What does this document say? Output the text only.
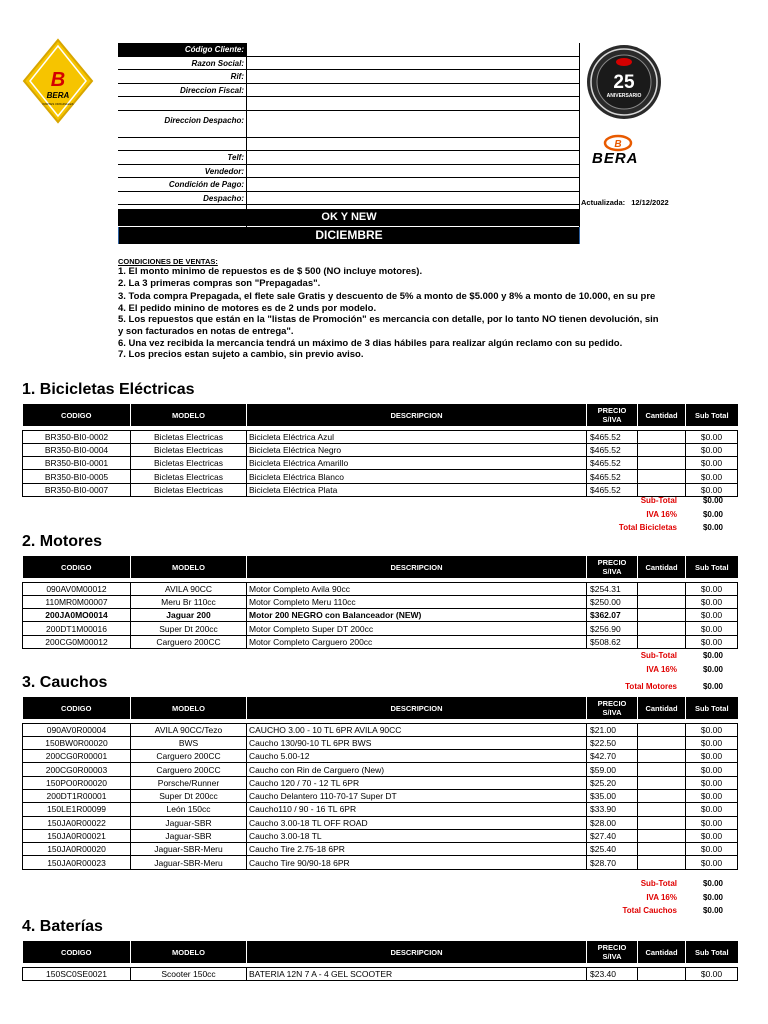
B
BERA
PARTES ORIGINALES
Código Cliente:
Razon Social:
Rif:
Direccion Fiscal:
Direccion Despacho:
Telf:
Vendedor:
Condición de Pago:
Despacho:
OK Y NEW
DICIEMBRE
25
ANIVERSARIO
B
BERA
Actualizada: 12/12/2022
CONDICIONES DE VENTAS:
1. El monto minimo de repuestos es de $ 500 (NO incluye motores).
2. La 3 primeras compras son "Prepagadas".
3. Toda compra Prepagada, el flete sale Gratis y descuento de 5% a monto de $5.000 y 8% a monto de 10.000, en su pre
4. El pedido minino de motores es de 2 unds por modelo.
5. Los repuestos que están en la "listas de Promoción" es mercancia con detalle, por lo tanto NO tienen devolución, sin
y son facturados en notas de entrega".
6. Una vez recibida la mercancia tendrá un máximo de 3 dias hábiles para realizar algún reclamo con su pedido.
7. Los precios estan sujeto a cambio, sin previo aviso.
1. Bicicletas Eléctricas
CODIGO	MODELO	DESCRIPCION	PRECIO S/IVA	Cantidad	Sub Total

BR350-BI0-0002	Bicletas Electricas	Bicicleta Eléctrica Azul	$465.52		$0.00
BR350-BI0-0004	Bicletas Electricas	Bicicleta Eléctrica Negro	$465.52		$0.00
BR350-BI0-0001	Bicletas Electricas	Bicicleta Eléctrica Amarillo	$465.52		$0.00
BR350-BI0-0005	Bicletas Electricas	Bicicleta Eléctrica Blanco	$465.52		$0.00
BR350-BI0-0007	Bicletas Electricas	Bicicleta Eléctrica Plata	$465.52		$0.00
Sub-Total	$0.00
IVA 16%	$0.00
Total Bicicletas	$0.00
2. Motores
CODIGO	MODELO	DESCRIPCION	PRECIO S/IVA	Cantidad	Sub Total

090AV0M00012	AVILA 90CC	Motor Completo Avila 90cc	$254.31		$0.00
110MR0M00007	Meru Br 110cc	Motor Completo Meru 110cc	$250.00		$0.00
200JA0MO0014	Jaguar 200	Motor 200 NEGRO con Balanceador (NEW)	$362.07		$0.00
200DT1M00016	Super Dt 200cc	Motor Completo Super DT 200cc	$256.90		$0.00
200CG0M00012	Carguero 200CC	Motor Completo Carguero 200cc	$508.62		$0.00
Sub-Total	$0.00
IVA 16%	$0.00
Total Motores	$0.00
3. Cauchos
CODIGO	MODELO	DESCRIPCION	PRECIO S/IVA	Cantidad	Sub Total

090AV0R00004	AVILA 90CC/Tezo	CAUCHO 3.00 - 10 TL 6PR AVILA 90CC	$21.00		$0.00
150BW0R00020	BWS	Caucho 130/90-10 TL 6PR BWS	$22.50		$0.00
200CG0R00001	Carguero 200CC	Caucho 5.00-12	$42.70		$0.00
200CG0R00003	Carguero 200CC	Caucho con Rin de Carguero (New)	$59.00		$0.00
150PO0R00020	Porsche/Runner	Caucho 120 / 70 - 12 TL 6PR	$25.20		$0.00
200DT1R00001	Super Dt 200cc	Caucho Delantero 110-70-17 Super DT	$35.00		$0.00
150LE1R00099	León 150cc	Caucho110 / 90 - 16 TL 6PR	$33.90		$0.00
150JA0R00022	Jaguar-SBR	Caucho 3.00-18 TL OFF ROAD	$28.00		$0.00
150JA0R00021	Jaguar-SBR	Caucho 3.00-18 TL	$27.40		$0.00
150JA0R00020	Jaguar-SBR-Meru	Caucho Tire 2.75-18 6PR	$25.40		$0.00
150JA0R00023	Jaguar-SBR-Meru	Caucho Tire 90/90-18 6PR	$28.70		$0.00
Sub-Total	$0.00
IVA 16%	$0.00
Total Cauchos	$0.00
4. Baterías
CODIGO	MODELO	DESCRIPCION	PRECIO S/IVA	Cantidad	Sub Total

150SC0SE0021	Scooter 150cc	BATERIA 12N 7 A - 4 GEL SCOOTER	$23.40		$0.00
